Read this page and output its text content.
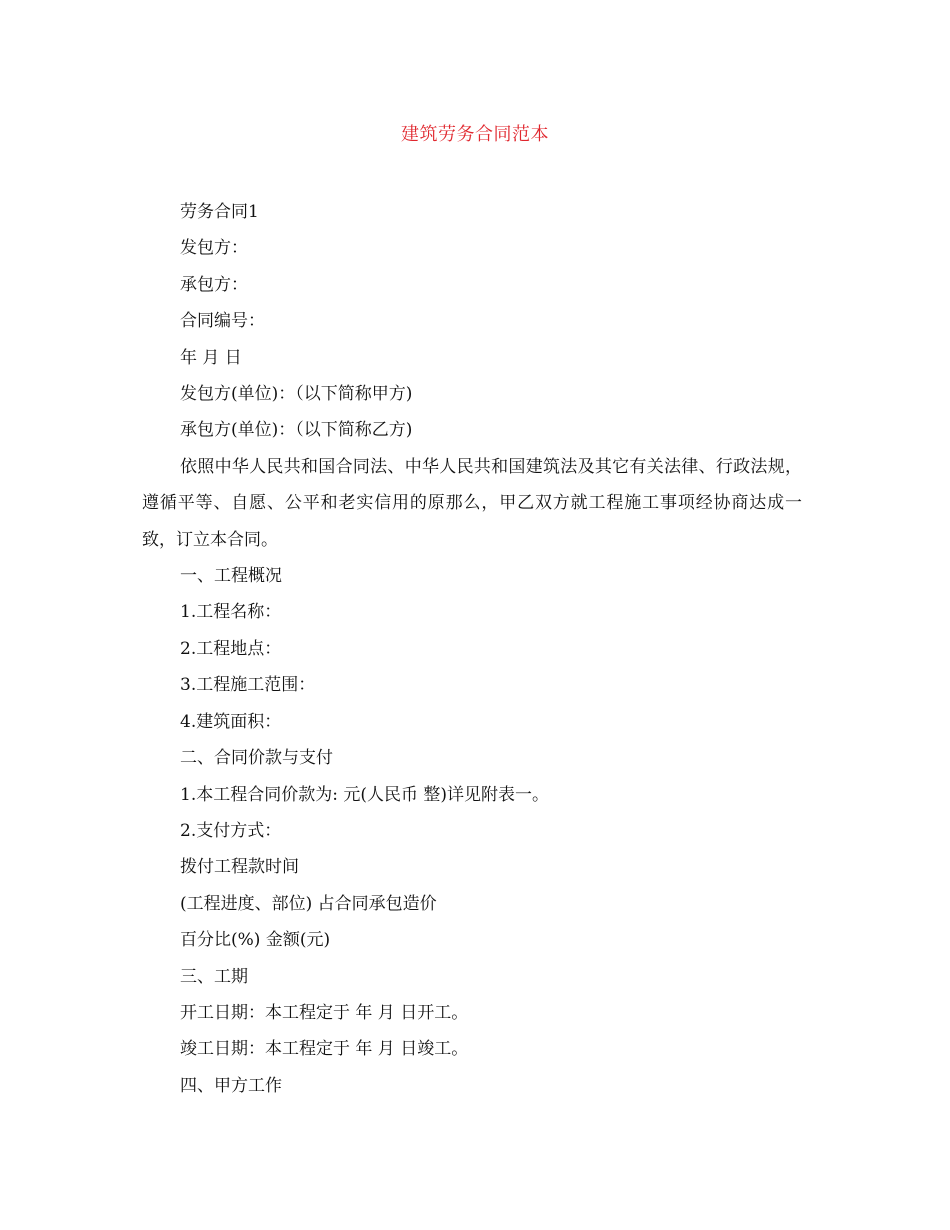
建筑劳务合同范本

劳务合同1

发包方：

承包方：

合同编号：

年 月 日

发包方(单位)：（以下简称甲方)

承包方(单位)：（以下简称乙方)

依照中华人民共和国合同法、中华人民共和国建筑法及其它有关法律、行政法规，遵循平等、自愿、公平和老实信用的原那么，甲乙双方就工程施工事项经协商达成一致，订立本合同。

一、工程概况

1.工程名称：

2.工程地点：

3.工程施工范围：

4.建筑面积：

二、合同价款与支付

1.本工程合同价款为: 元(人民币 整)详见附表一。

2.支付方式：

拨付工程款时间

(工程进度、部位) 占合同承包造价

百分比(%) 金额(元)

三、工期

开工日期：本工程定于 年 月 日开工。

竣工日期：本工程定于 年 月 日竣工。

四、甲方工作
